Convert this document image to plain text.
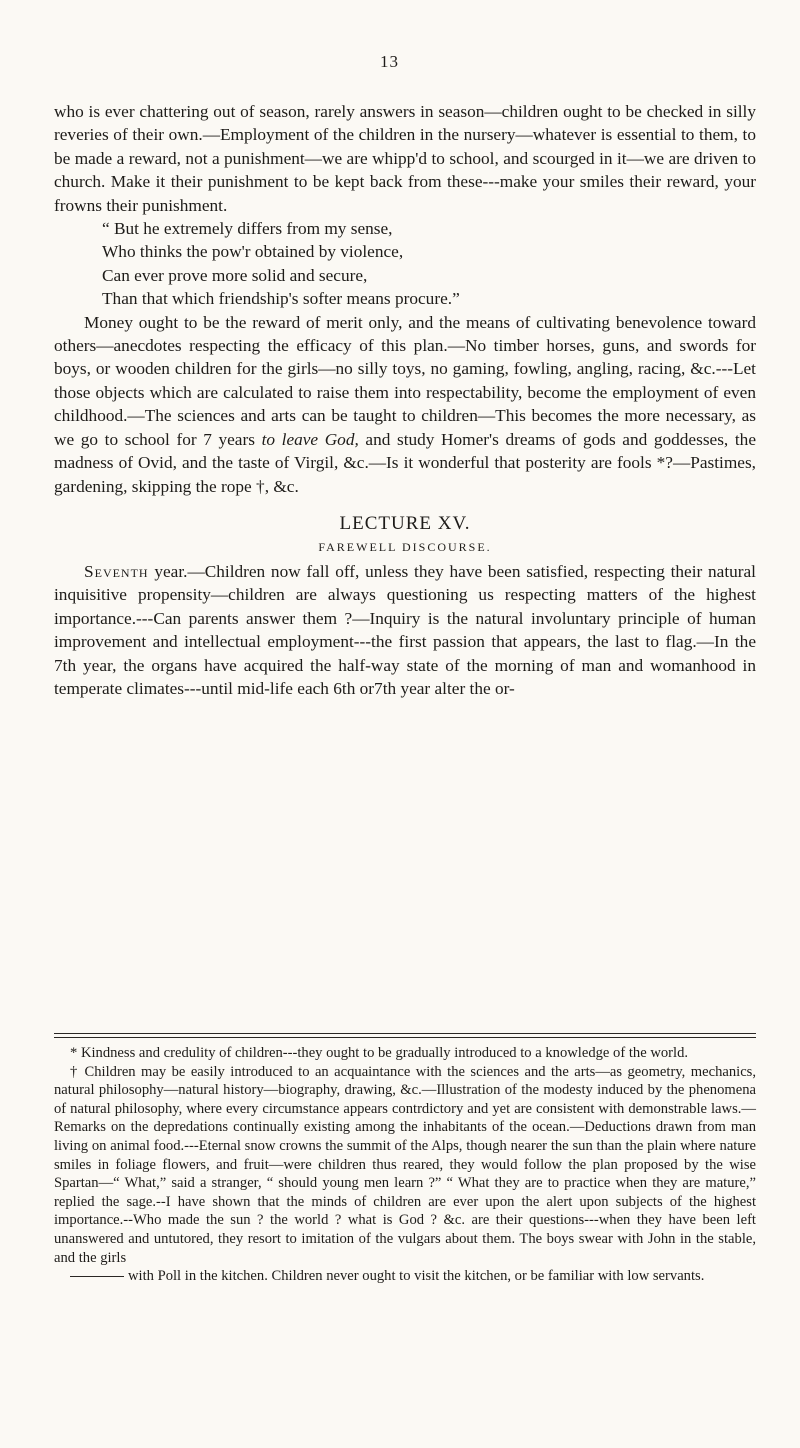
13

who is ever chattering out of season, rarely answers in season—children ought to be checked in silly reveries of their own.—Employment of the children in the nursery—whatever is essential to them, to be made a reward, not a punishment—we are whipp'd to school, and scourged in it—we are driven to church. Make it their punishment to be kept back from these---make your smiles their reward, your frowns their punishment.

“ But he extremely differs from my sense,
Who thinks the pow'r obtained by violence,
Can ever prove more solid and secure,
Than that which friendship's softer means procure.”

Money ought to be the reward of merit only, and the means of cultivating benevolence toward others—anecdotes respecting the efficacy of this plan.—No timber horses, guns, and swords for boys, or wooden children for the girls—no silly toys, no gaming, fowling, angling, racing, &c.---Let those objects which are calculated to raise them into respectability, become the employment of even childhood.—The sciences and arts can be taught to children—This becomes the more necessary, as we go to school for 7 years to leave God, and study Homer's dreams of gods and goddesses, the madness of Ovid, and the taste of Virgil, &c.—Is it wonderful that posterity are fools *?—Pastimes, gardening, skipping the rope †, &c.

LECTURE XV.
FAREWELL DISCOURSE.

Seventh year.—Children now fall off, unless they have been satisfied, respecting their natural inquisitive propensity—children are always questioning us respecting matters of the highest importance.---Can parents answer them ?—Inquiry is the natural involuntary principle of human improvement and intellectual employment---the first passion that appears, the last to flag.—In the 7th year, the organs have acquired the half-way state of the morning of man and womanhood in temperate climates---until mid-life each 6th or7th year alter the or-

* Kindness and credulity of children---they ought to be gradually introduced to a knowledge of the world.

† Children may be easily introduced to an acquaintance with the sciences and the arts—as geometry, mechanics, natural philosophy—natural history—biography, drawing, &c.—Illustration of the modesty induced by the phenomena of natural philosophy, where every circumstance appears contrdictory and yet are consistent with demonstrable laws.—Remarks on the depredations continually existing among the inhabitants of the ocean.—Deductions drawn from man living on animal food.---Eternal snow crowns the summit of the Alps, though nearer the sun than the plain where nature smiles in foliage flowers, and fruit—were children thus reared, they would follow the plan proposed by the wise Spartan—“ What,” said a stranger, “ should young men learn ?” “ What they are to practice when they are mature,” replied the sage.--I have shown that the minds of children are ever upon the alert upon subjects of the highest importance.--Who made the sun ? the world ? what is God ? &c. are their questions---when they have been left unanswered and untutored, they resort to imitation of the vulgars about them. The boys swear with John in the stable, and the girls

with Poll in the kitchen. Children never ought to visit the kitchen, or be familiar with low servants.
